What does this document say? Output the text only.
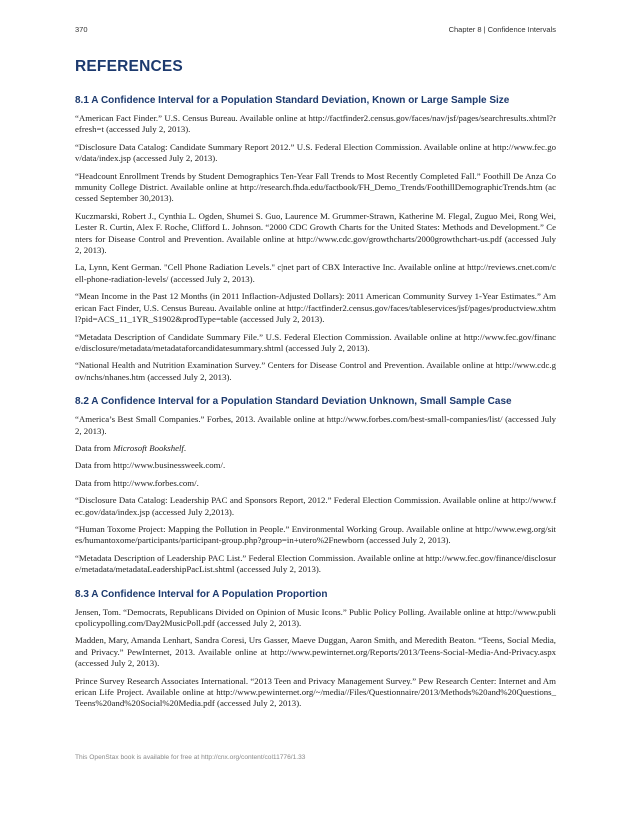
370	Chapter 8 | Confidence Intervals
REFERENCES
8.1 A Confidence Interval for a Population Standard Deviation, Known or Large Sample Size

“American Fact Finder.” U.S. Census Bureau. Available online at http://factfinder2.census.gov/faces/nav/jsf/pages/searchresults.xhtml?refresh=t (accessed July 2, 2013).

“Disclosure Data Catalog: Candidate Summary Report 2012.” U.S. Federal Election Commission. Available online at http://www.fec.gov/data/index.jsp (accessed July 2, 2013).

“Headcount Enrollment Trends by Student Demographics Ten-Year Fall Trends to Most Recently Completed Fall.” Foothill De Anza Community College District. Available online at http://research.fhda.edu/factbook/FH_Demo_Trends/FoothillDemographicTrends.htm (accessed September 30,2013).

Kuczmarski, Robert J., Cynthia L. Ogden, Shumei S. Guo, Laurence M. Grummer-Strawn, Katherine M. Flegal, Zuguo Mei, Rong Wei, Lester R. Curtin, Alex F. Roche, Clifford L. Johnson. “2000 CDC Growth Charts for the United States: Methods and Development.” Centers for Disease Control and Prevention. Available online at http://www.cdc.gov/growthcharts/2000growthchart-us.pdf (accessed July 2, 2013).

La, Lynn, Kent German. "Cell Phone Radiation Levels." c|net part of CBX Interactive Inc. Available online at http://reviews.cnet.com/cell-phone-radiation-levels/ (accessed July 2, 2013).

“Mean Income in the Past 12 Months (in 2011 Inflaction-Adjusted Dollars): 2011 American Community Survey 1-Year Estimates.” American Fact Finder, U.S. Census Bureau. Available online at http://factfinder2.census.gov/faces/tableservices/jsf/pages/productview.xhtml?pid=ACS_11_1YR_S1902&prodType=table (accessed July 2, 2013).

“Metadata Description of Candidate Summary File.” U.S. Federal Election Commission. Available online at http://www.fec.gov/finance/disclosure/metadata/metadataforcandidatesummary.shtml (accessed July 2, 2013).

“National Health and Nutrition Examination Survey.” Centers for Disease Control and Prevention. Available online at http://www.cdc.gov/nchs/nhanes.htm (accessed July 2, 2013).

8.2 A Confidence Interval for a Population Standard Deviation Unknown, Small Sample Case

“America’s Best Small Companies.” Forbes, 2013. Available online at http://www.forbes.com/best-small-companies/list/ (accessed July 2, 2013).

Data from Microsoft Bookshelf.

Data from http://www.businessweek.com/.

Data from http://www.forbes.com/.

“Disclosure Data Catalog: Leadership PAC and Sponsors Report, 2012.” Federal Election Commission. Available online at http://www.fec.gov/data/index.jsp (accessed July 2,2013).

“Human Toxome Project: Mapping the Pollution in People.” Environmental Working Group. Available online at http://www.ewg.org/sites/humantoxome/participants/participant-group.php?group=in+utero%2Fnewborn (accessed July 2, 2013).

“Metadata Description of Leadership PAC List.” Federal Election Commission. Available online at http://www.fec.gov/finance/disclosure/metadata/metadataLeadershipPacList.shtml (accessed July 2, 2013).

8.3 A Confidence Interval for A Population Proportion

Jensen, Tom. “Democrats, Republicans Divided on Opinion of Music Icons.” Public Policy Polling. Available online at http://www.publicpolicypolling.com/Day2MusicPoll.pdf (accessed July 2, 2013).

Madden, Mary, Amanda Lenhart, Sandra Coresi, Urs Gasser, Maeve Duggan, Aaron Smith, and Meredith Beaton. “Teens, Social Media, and Privacy.” PewInternet, 2013. Available online at http://www.pewinternet.org/Reports/2013/Teens-Social-Media-And-Privacy.aspx (accessed July 2, 2013).

Prince Survey Research Associates International. “2013 Teen and Privacy Management Survey.” Pew Research Center: Internet and American Life Project. Available online at http://www.pewinternet.org/~/media//Files/Questionnaire/2013/Methods%20and%20Questions_Teens%20and%20Social%20Media.pdf (accessed July 2, 2013).

This OpenStax book is available for free at http://cnx.org/content/col11776/1.33
